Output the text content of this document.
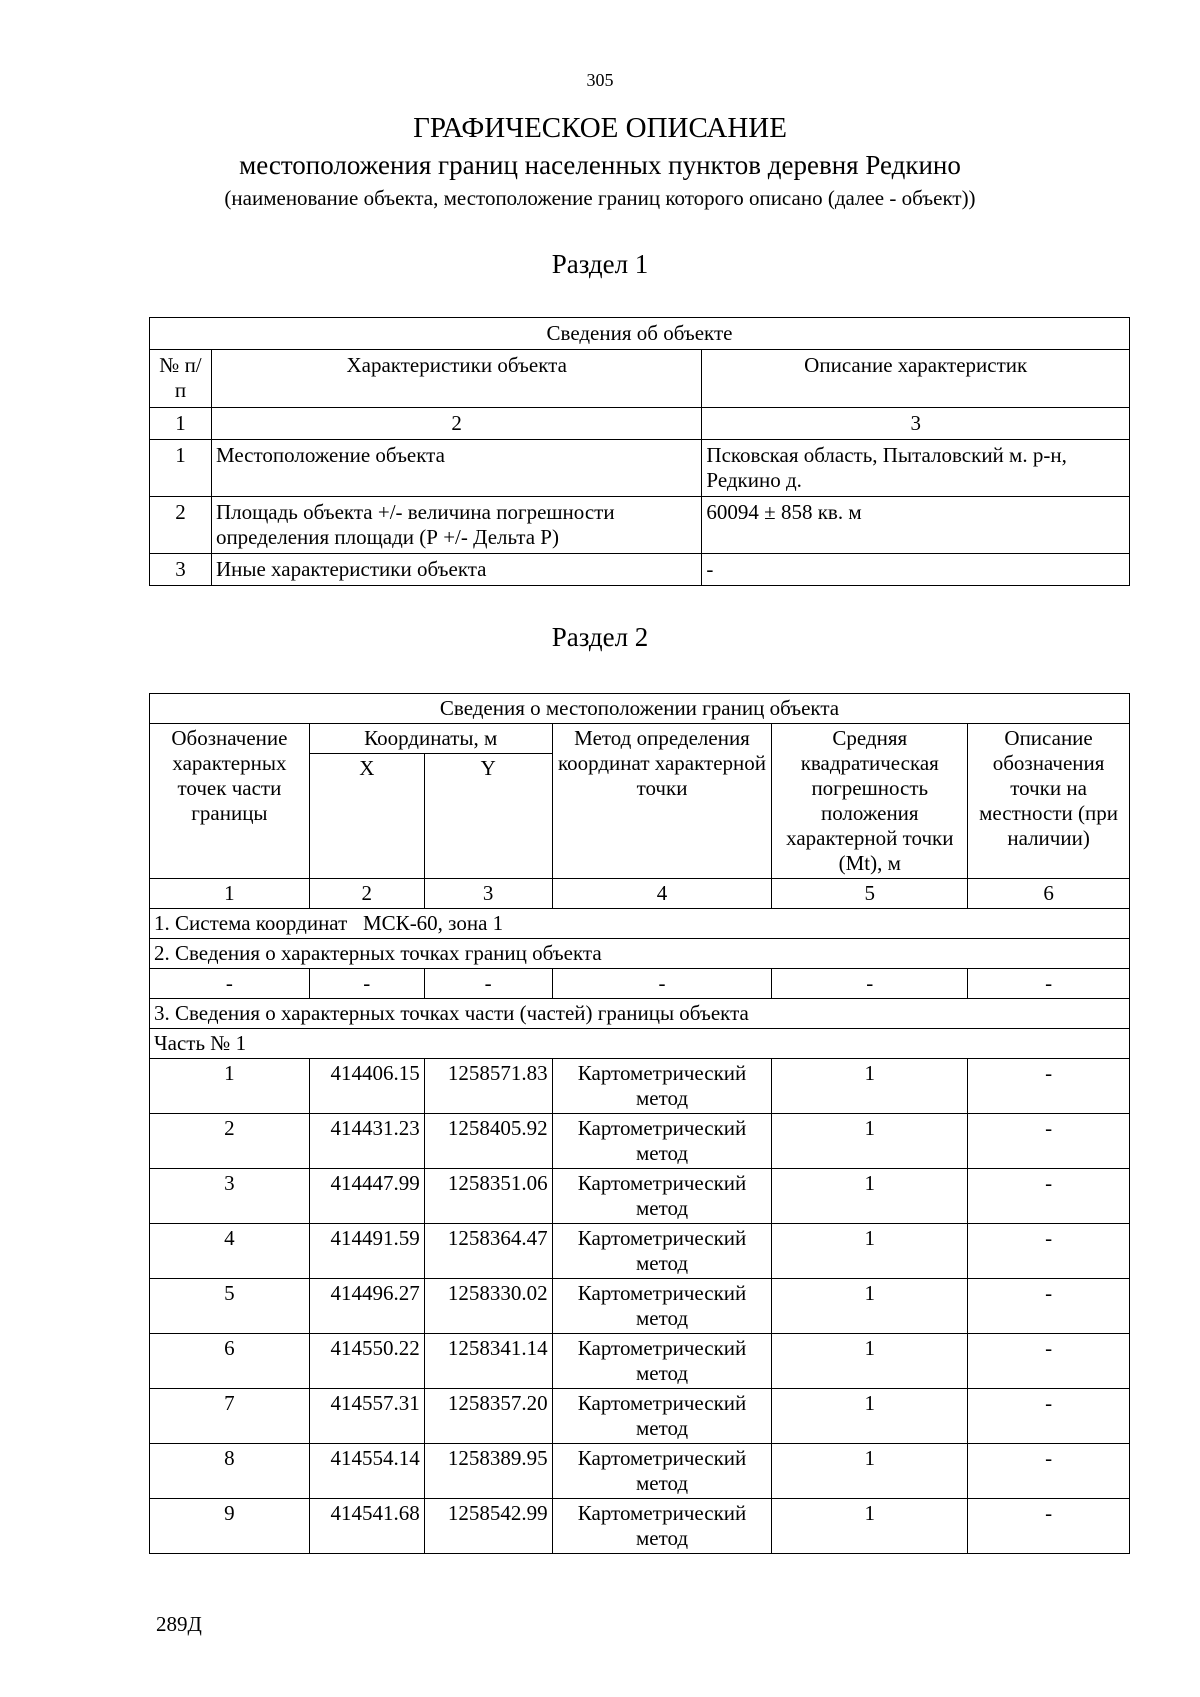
305
ГРАФИЧЕСКОЕ ОПИСАНИЕ
местоположения границ населенных пунктов деревня Редкино
(наименование объекта, местоположение границ которого описано (далее - объект))
Раздел 1
Сведения об объекте		
№ п/п	Характеристики объекта	Описание характеристик
1	2	3
1	Местоположение объекта	Псковская область, Пыталовский м. р-н, Редкино д.
2	Площадь объекта +/- величина погрешности определения площади (Р +/- Дельта Р)	60094 ± 858 кв. м
3	Иные характеристики объекта	-
Раздел 2
Сведения о местоположении границ объекта					
Обозначение характерных точек части границы	Координаты, м		Метод определения координат характерной точки	Средняя квадратическая погрешность положения характерной точки (Mt), м	Описание обозначения точки на местности (при наличии)
	X	Y			
1	2	3	4	5	6
1. Система координат   МСК-60, зона 1					
2. Сведения о характерных точках границ объекта					
-	-	-	-	-	-
3. Сведения о характерных точках части (частей) границы объекта					
Часть № 1					
1	414406.15	1258571.83	Картометрический метод	1	-
2	414431.23	1258405.92	Картометрический метод	1	-
3	414447.99	1258351.06	Картометрический метод	1	-
4	414491.59	1258364.47	Картометрический метод	1	-
5	414496.27	1258330.02	Картометрический метод	1	-
6	414550.22	1258341.14	Картометрический метод	1	-
7	414557.31	1258357.20	Картометрический метод	1	-
8	414554.14	1258389.95	Картометрический метод	1	-
9	414541.68	1258542.99	Картометрический метод	1	-
289Д
